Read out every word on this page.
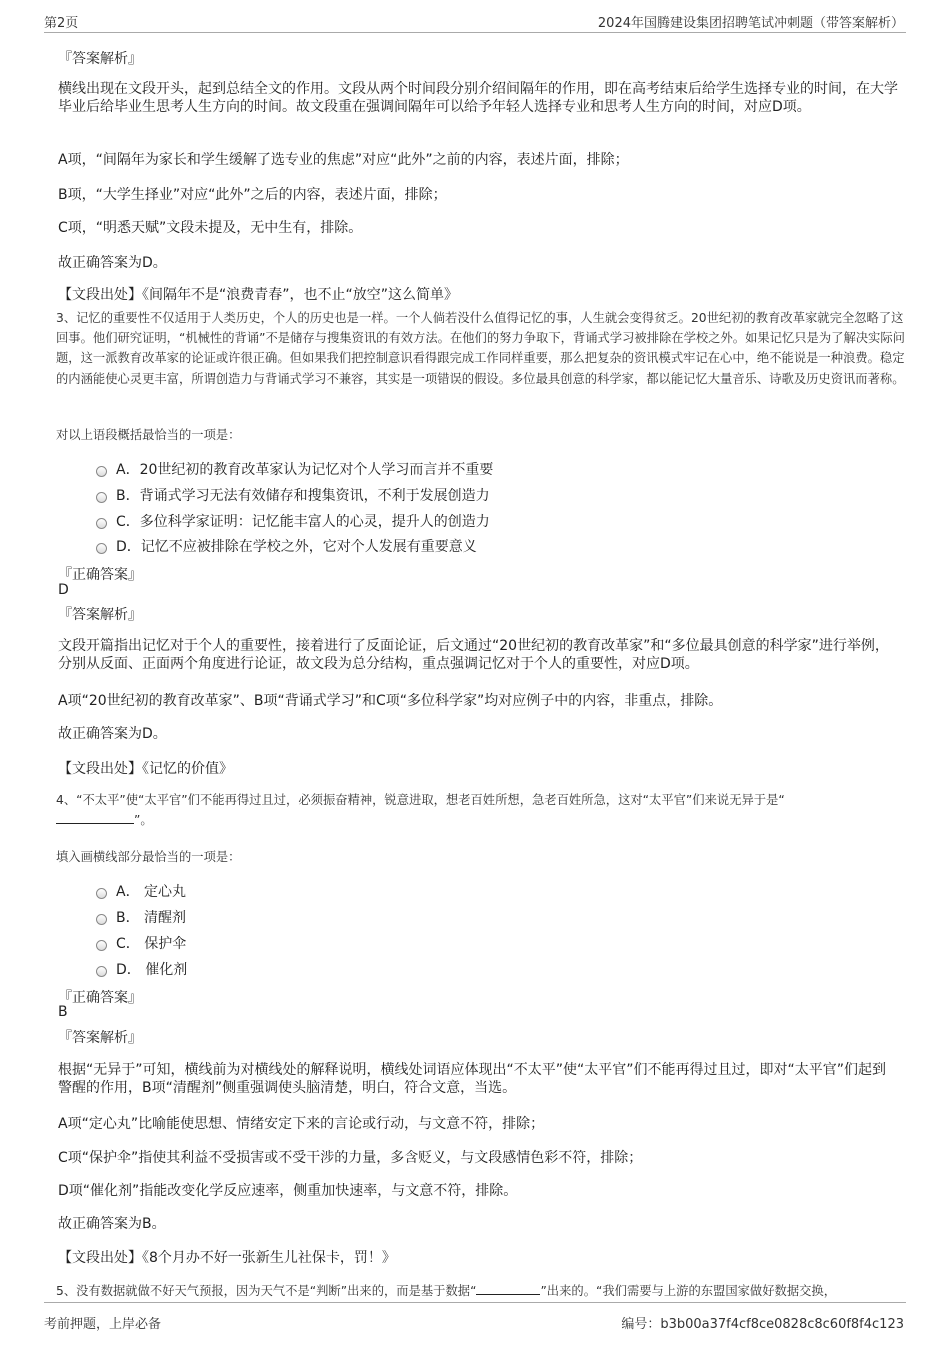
第2页	2024年国腾建设集团招聘笔试冲刺题（带答案解析）
『答案解析』
横线出现在文段开头，起到总结全文的作用。文段从两个时间段分别介绍间隔年的作用，即在高考结束后给学生选择专业的时间，在大学毕业后给毕业生思考人生方向的时间。故文段重在强调间隔年可以给予年轻人选择专业和思考人生方向的时间，对应D项。
A项，“间隔年为家长和学生缓解了选专业的焦虑”对应“此外”之前的内容，表述片面，排除；
B项，“大学生择业”对应“此外”之后的内容，表述片面，排除；
C项，“明悉天赋”文段未提及，无中生有，排除。
故正确答案为D。
【文段出处】《间隔年不是“浪费青春”，也不止“放空”这么简单》
3、记忆的重要性不仅适用于人类历史，个人的历史也是一样。一个人倘若没什么值得记忆的事，人生就会变得贫乏。20世纪初的教育改革家就完全忽略了这回事。他们研究证明，“机械性的背诵”不是储存与搜集资讯的有效方法。在他们的努力争取下，背诵式学习被排除在学校之外。如果记忆只是为了解决实际问题，这一派教育改革家的论证或许很正确。但如果我们把控制意识看得跟完成工作同样重要，那么把复杂的资讯模式牢记在心中，绝不能说是一种浪费。稳定的内涵能使心灵更丰富，所谓创造力与背诵式学习不兼容，其实是一项错误的假设。多位最具创意的科学家，都以能记忆大量音乐、诗歌及历史资讯而著称。
对以上语段概括最恰当的一项是：
A．20世纪初的教育改革家认为记忆对个人学习而言并不重要
B．背诵式学习无法有效储存和搜集资讯，不利于发展创造力
C．多位科学家证明：记忆能丰富人的心灵，提升人的创造力
D．记忆不应被排除在学校之外，它对个人发展有重要意义
『正确答案』
D
『答案解析』
文段开篇指出记忆对于个人的重要性，接着进行了反面论证，后文通过“20世纪初的教育改革家”和“多位最具创意的科学家”进行举例，分别从反面、正面两个角度进行论证，故文段为总分结构，重点强调记忆对于个人的重要性，对应D项。
A项“20世纪初的教育改革家”、B项“背诵式学习”和C项“多位科学家”均对应例子中的内容，非重点，排除。
故正确答案为D。
【文段出处】《记忆的价值》
4、“不太平”使“太平官”们不能再得过且过，必须振奋精神，锐意进取，想老百姓所想，急老百姓所急，这对“太平官”们来说无异于是“
”。
填入画横线部分最恰当的一项是：
A． 定心丸
B． 清醒剂
C． 保护伞
D． 催化剂
『正确答案』
B
『答案解析』
根据“无异于”可知，横线前为对横线处的解释说明，横线处词语应体现出“不太平”使“太平官”们不能再得过且过，即对“太平官”们起到警醒的作用，B项“清醒剂”侧重强调使头脑清楚，明白，符合文意，当选。
A项“定心丸”比喻能使思想、情绪安定下来的言论或行动，与文意不符，排除；
C项“保护伞”指使其利益不受损害或不受干涉的力量，多含贬义，与文段感情色彩不符，排除；
D项“催化剂”指能改变化学反应速率，侧重加快速率，与文意不符，排除。
故正确答案为B。
【文段出处】《8个月办不好一张新生儿社保卡，罚！》
5、没有数据就做不好天气预报，因为天气不是“判断”出来的，而是基于数据“	”出来的。“我们需要与上游的东盟国家做好数据交换，
考前押题，上岸必备	编号：b3b00a37f4cf8ce0828c8c60f8f4c123
